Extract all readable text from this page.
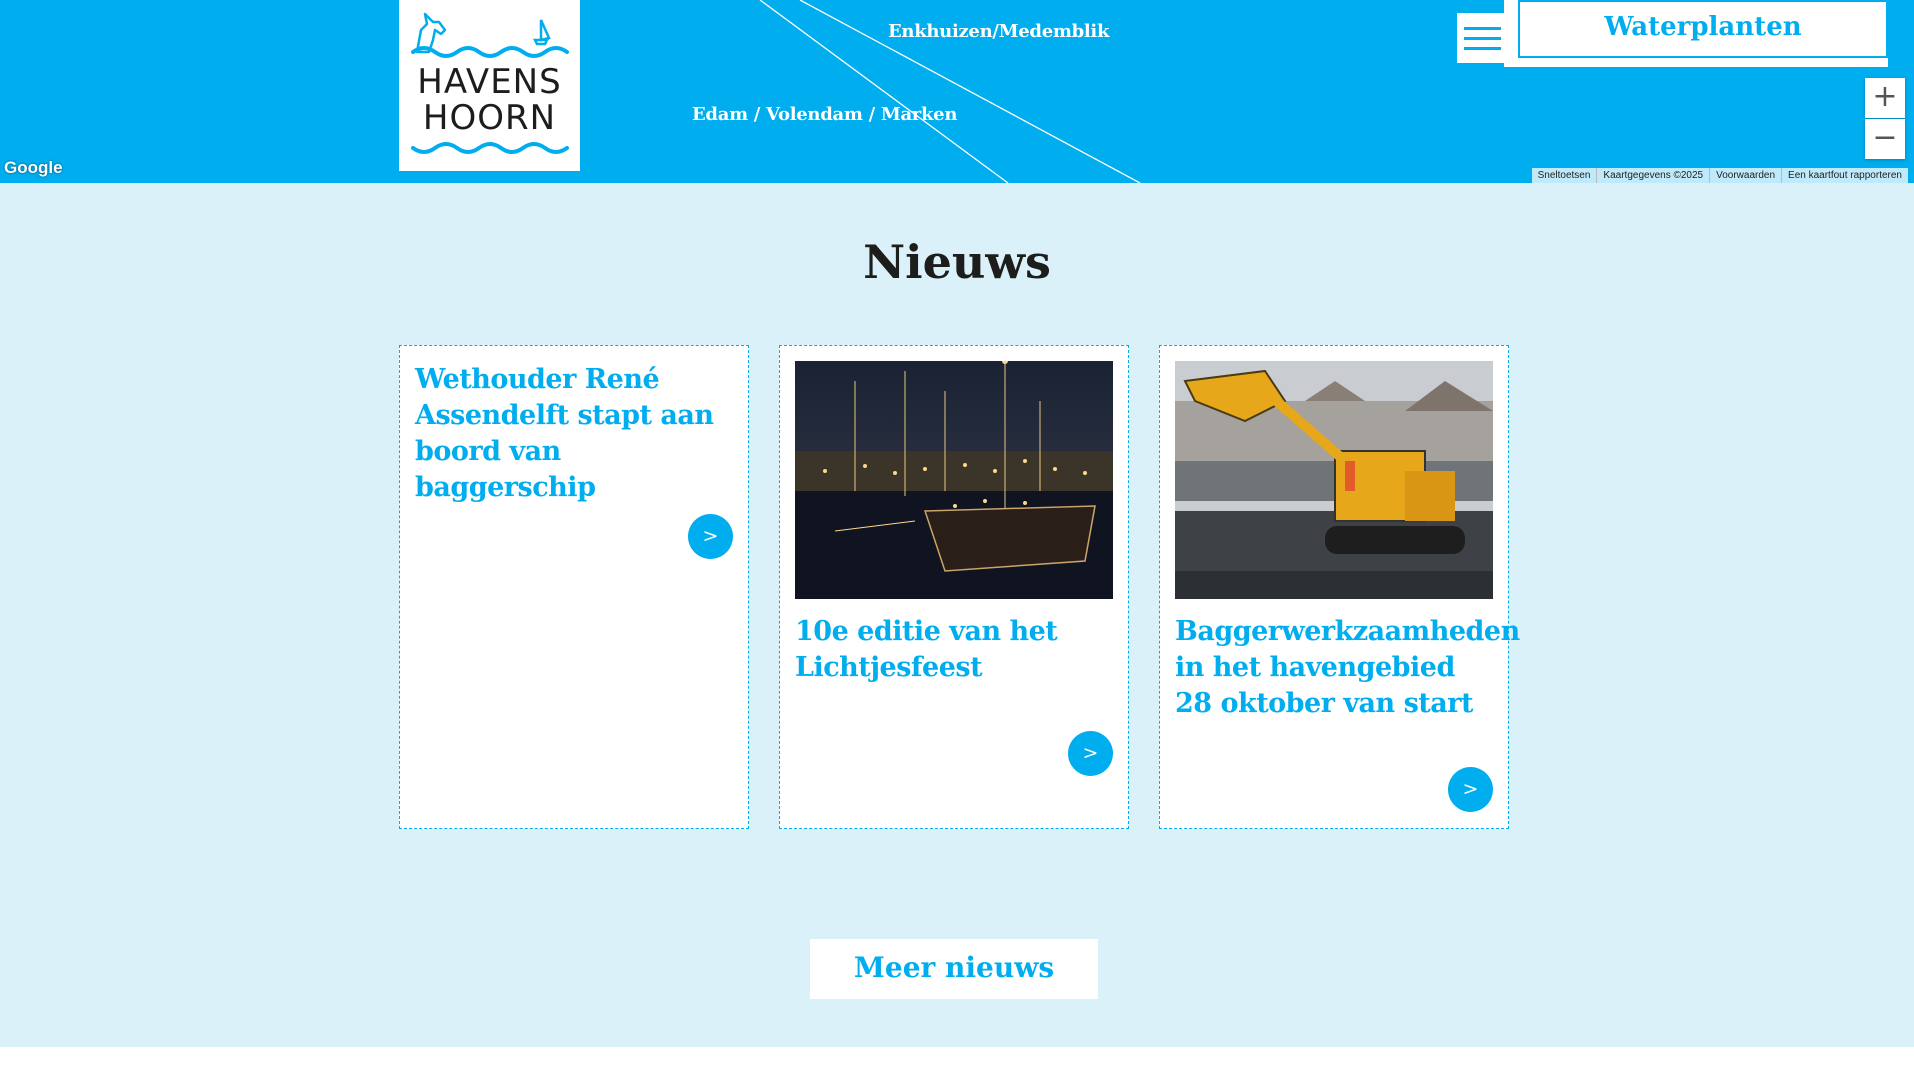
Enkhuizen/Medemblik
Edam / Volendam / Marken
HAVENS
HOORN
Google	Sneltoetsen	Kaartgegevens ©2025	Voorwaarden	Een kaartfout rapporteren
Waterplanten
+
−
Nieuws
Wethouder René Assendelft stapt aan boord van baggerschip
>
10e editie van het Lichtjesfeest
>
Baggerwerkzaamheden in het havengebied 28 oktober van start
>
Meer nieuws
